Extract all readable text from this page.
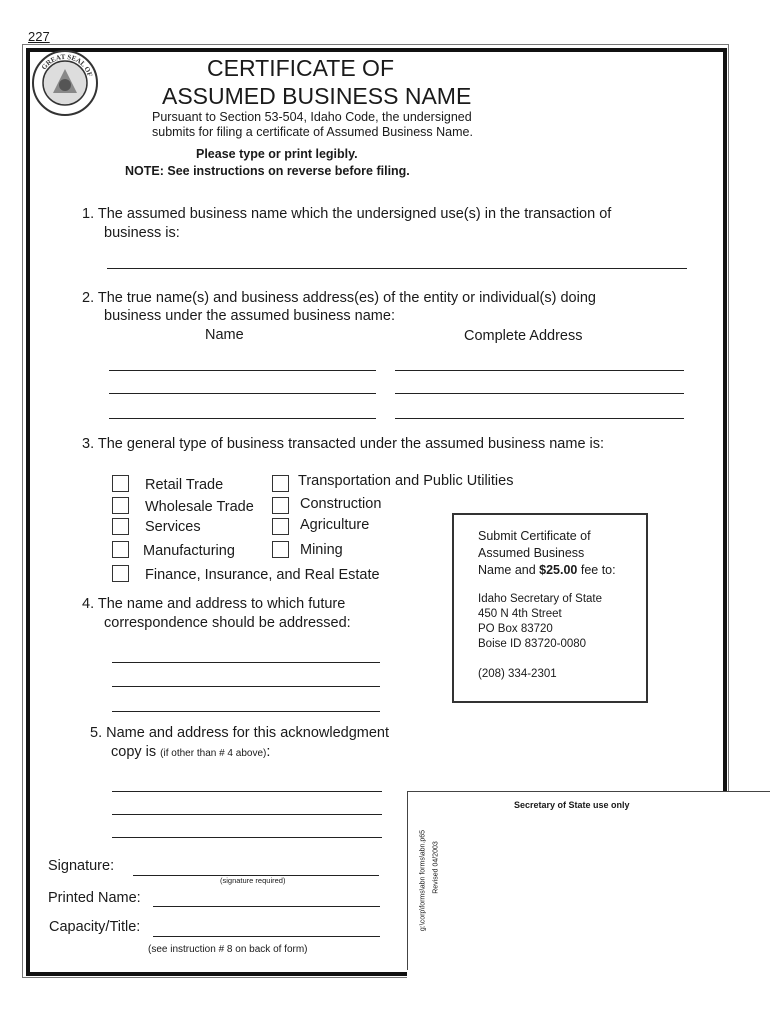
227
GREAT SEAL OF	CERTIFICATE OF
ASSUMED BUSINESS NAME
Pursuant to Section 53-504, Idaho Code, the undersigned
submits for filing a certificate of Assumed Business Name.
Please type or print legibly.
NOTE: See instructions on reverse before filing.
1. The assumed business name which the undersigned use(s) in the transaction of
business is:
2. The true name(s) and business address(es) of the entity or individual(s) doing
business under the assumed business name:
Name	Complete Address
3. The general type of business transacted under the assumed business name is:
Retail Trade
Wholesale Trade
Services
Manufacturing
Finance, Insurance, and Real Estate
Transportation and Public Utilities
Construction
Agriculture
Mining
Submit Certificate of
Assumed Business
Name and $25.00 fee to:
Idaho Secretary of State
450 N 4th Street
PO Box 83720
Boise ID 83720-0080
(208) 334-2301
4. The name and address to which future
correspondence should be addressed:
5. Name and address for this acknowledgment
copy is (if other than # 4 above):
Signature:
(signature required)
Printed Name:
Capacity/Title:
(see instruction # 8 on back of form)
Secretary of State use only
g:\corp\forms\abn forms\abn.p65 Revised 04/2003
